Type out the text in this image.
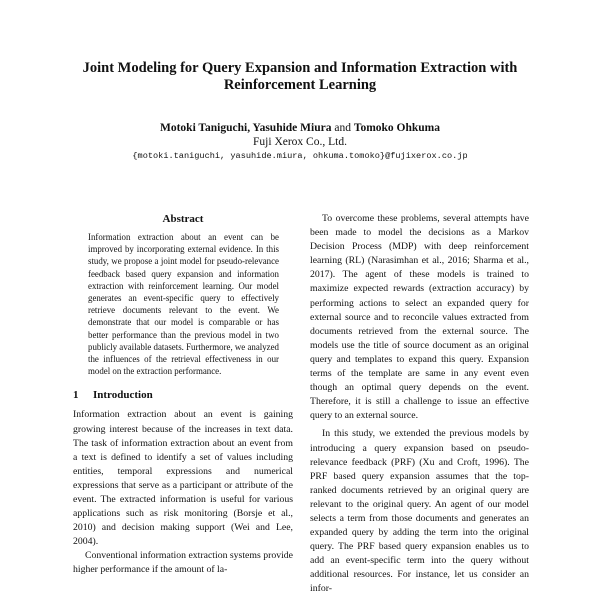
Joint Modeling for Query Expansion and Information Extraction with Reinforcement Learning
Motoki Taniguchi, Yasuhide Miura and Tomoko Ohkuma
Fuji Xerox Co., Ltd.
{motoki.taniguchi, yasuhide.miura, ohkuma.tomoko}@fujixerox.co.jp
Abstract

Information extraction about an event can be improved by incorporating external evidence. In this study, we propose a joint model for pseudo-relevance feedback based query expansion and information extraction with reinforcement learning. Our model generates an event-specific query to effectively retrieve documents relevant to the event. We demonstrate that our model is comparable or has better performance than the previous model in two publicly available datasets. Furthermore, we analyzed the influences of the retrieval effectiveness in our model on the extraction performance.

1 Introduction

Information extraction about an event is gaining growing interest because of the increases in text data. The task of information extraction about an event from a text is defined to identify a set of values including entities, temporal expressions and numerical expressions that serve as a participant or attribute of the event. The extracted information is useful for various applications such as risk monitoring (Borsje et al., 2010) and decision making support (Wei and Lee, 2004).

Conventional information extraction systems provide higher performance if the amount of la-

To overcome these problems, several attempts have been made to model the decisions as a Markov Decision Process (MDP) with deep reinforcement learning (RL) (Narasimhan et al., 2016; Sharma et al., 2017). The agent of these models is trained to maximize expected rewards (extraction accuracy) by performing actions to select an expanded query for external source and to reconcile values extracted from documents retrieved from the external source. The models use the title of source document as an original query and templates to expand this query. Expansion terms of the template are same in any event even though an optimal query depends on the event. Therefore, it is still a challenge to issue an effective query to an external source.

In this study, we extended the previous models by introducing a query expansion based on pseudo-relevance feedback (PRF) (Xu and Croft, 1996). The PRF based query expansion assumes that the top-ranked documents retrieved by an original query are relevant to the original query. An agent of our model selects a term from those documents and generates an expanded query by adding the term into the original query. The PRF based query expansion enables us to add an event-specific term into the query without additional resources. For instance, let us consider an infor-
